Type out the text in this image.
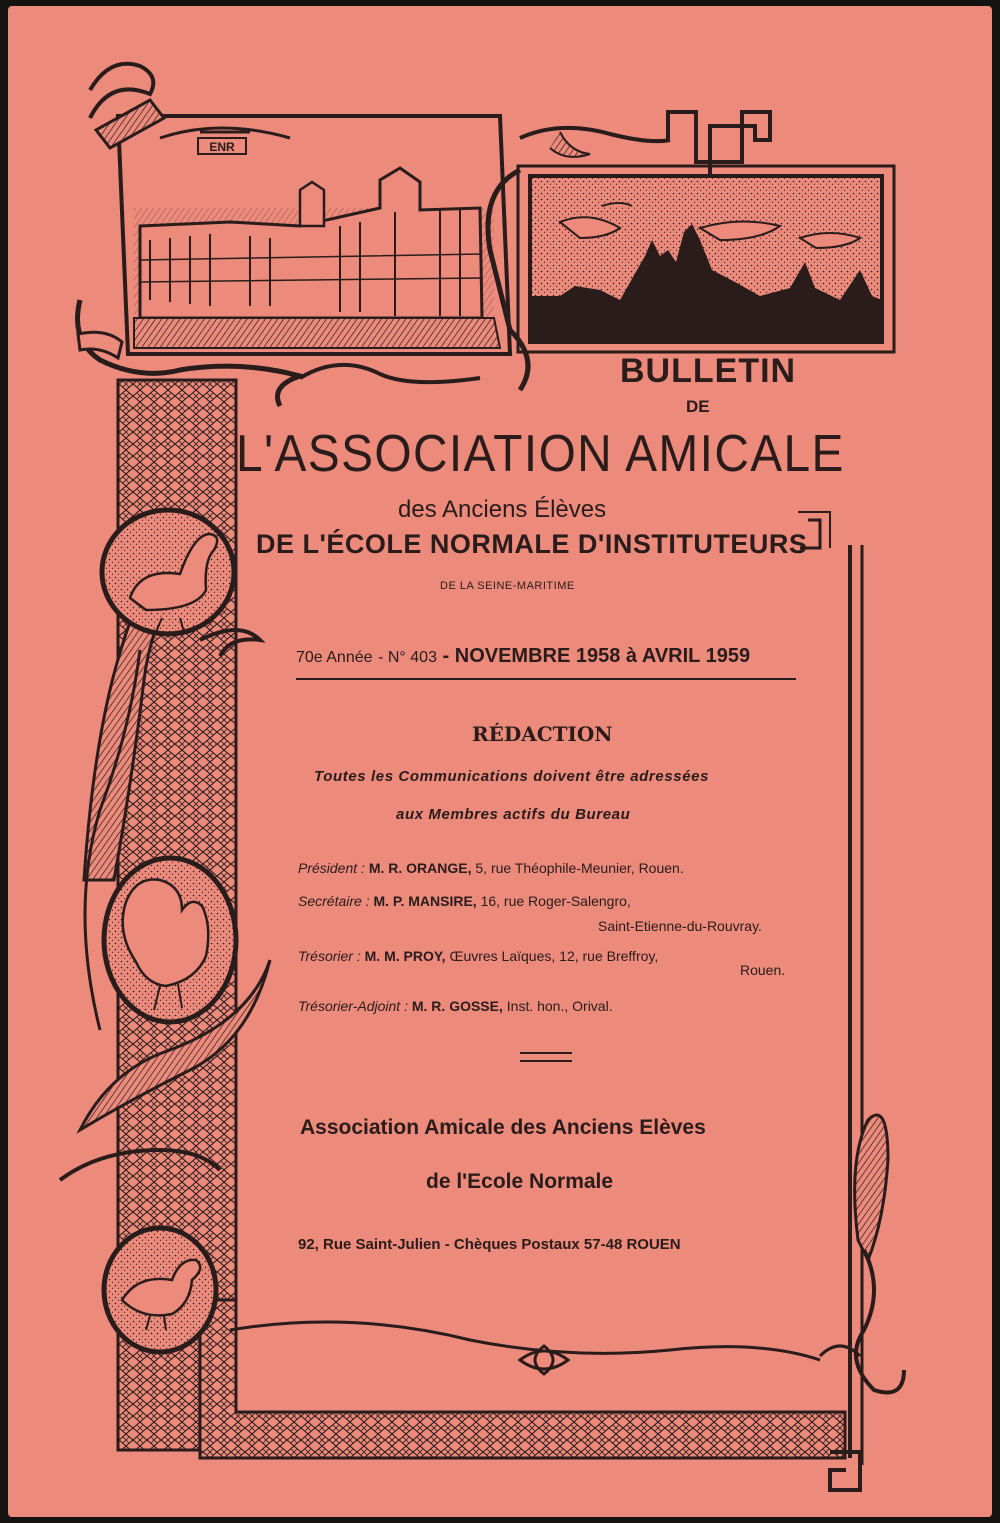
ENR
BULLETIN
DE
L'ASSOCIATION AMICALE
des Anciens Élèves
DE L'ÉCOLE NORMALE D'INSTITUTEURS
DE LA SEINE-MARITIME
70e Année - N° 403 - NOVEMBRE 1958 à AVRIL 1959
RÉDACTION
Toutes les Communications doivent être adressées
aux Membres actifs du Bureau
Président : M. R. ORANGE, 5, rue Théophile-Meunier, Rouen.
Secrétaire : M. P. MANSIRE, 16, rue Roger-Salengro,
Saint-Etienne-du-Rouvray.
Trésorier : M. M. PROY, Œuvres Laïques, 12, rue Breffroy,
Rouen.
Trésorier-Adjoint : M. R. GOSSE, Inst. hon., Orival.
Association Amicale des Anciens Elèves
de l'Ecole Normale
92, Rue Saint-Julien - Chèques Postaux 57-48 ROUEN
